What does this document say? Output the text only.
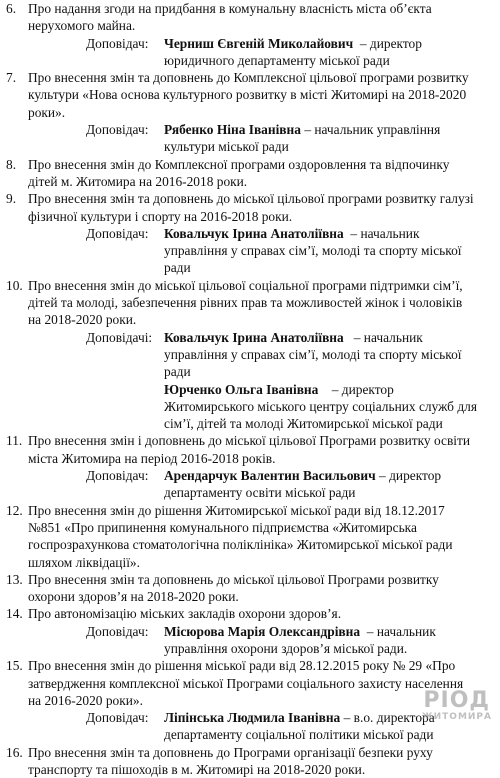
6. Про надання згоди на придбання в комунальну власність міста об’єкта
нерухомого майна.
Доповідач: Черниш Євгеній Миколайович – директор
юридичного департаменту міської ради
7. Про внесення змін та доповнень до Комплексної цільової програми розвитку
культури «Нова основа культурного розвитку в місті Житомирі на 2018-2020
роки».
Доповідач: Рябенко Ніна Іванівна – начальник управління
культури міської ради
8. Про внесення змін до Комплексної програми оздоровлення та відпочинку
дітей м. Житомира на 2016-2018 роки.
9. Про внесення змін та доповнень до міської цільової програми розвитку галузі
фізичної культури і спорту на 2016-2018 роки.
Доповідач: Ковальчук Ірина Анатоліївна – начальник
управління у справах сім’ї, молоді та спорту міської
ради
10. Про внесення змін до міської цільової соціальної програми підтримки сім’ї,
дітей та молоді, забезпечення рівних прав та можливостей жінок і чоловіків
на 2018-2020 роки.
Доповідачі: Ковальчук Ірина Анатоліївна – начальник
управління у справах сім’ї, молоді та спорту міської
ради
Юрченко Ольга Іванівна – директор
Житомирського міського центру соціальних служб для
сім’ї, дітей та молоді Житомирської міської ради
11. Про внесення змін і доповнень до міської цільової Програми розвитку освіти
міста Житомира на період 2016-2018 років.
Доповідач: Арендарчук Валентин Васильович – директор
департаменту освіти міської ради
12. Про внесення змін до рішення Житомирської міської ради від 18.12.2017
№851 «Про припинення комунального підприємства «Житомирська
госпрозрахункова стоматологічна поліклініка» Житомирської міської ради
шляхом ліквідації».
13. Про внесення змін та доповнень до міської цільової Програми розвитку
охорони здоров’я на 2018-2020 роки.
14. Про автономізацію міських закладів охорони здоров’я.
Доповідач: Місюрова Марія Олександрівна – начальник
управління охорони здоров’я міської ради.
15. Про внесення змін до рішення міської ради від 28.12.2015 року № 29 «Про
затвердження комплексної міської Програми соціального захисту населення
на 2016-2020 роки».
Доповідач: Ліпінська Людмила Іванівна – в.о. директора
департаменту соціальної політики міської ради
16. Про внесення змін та доповнень до Програми організації безпеки руху
транспорту та пішоходів в м. Житомирі на 2018-2020 роки.
РІОД
ЖИТОМИРА
